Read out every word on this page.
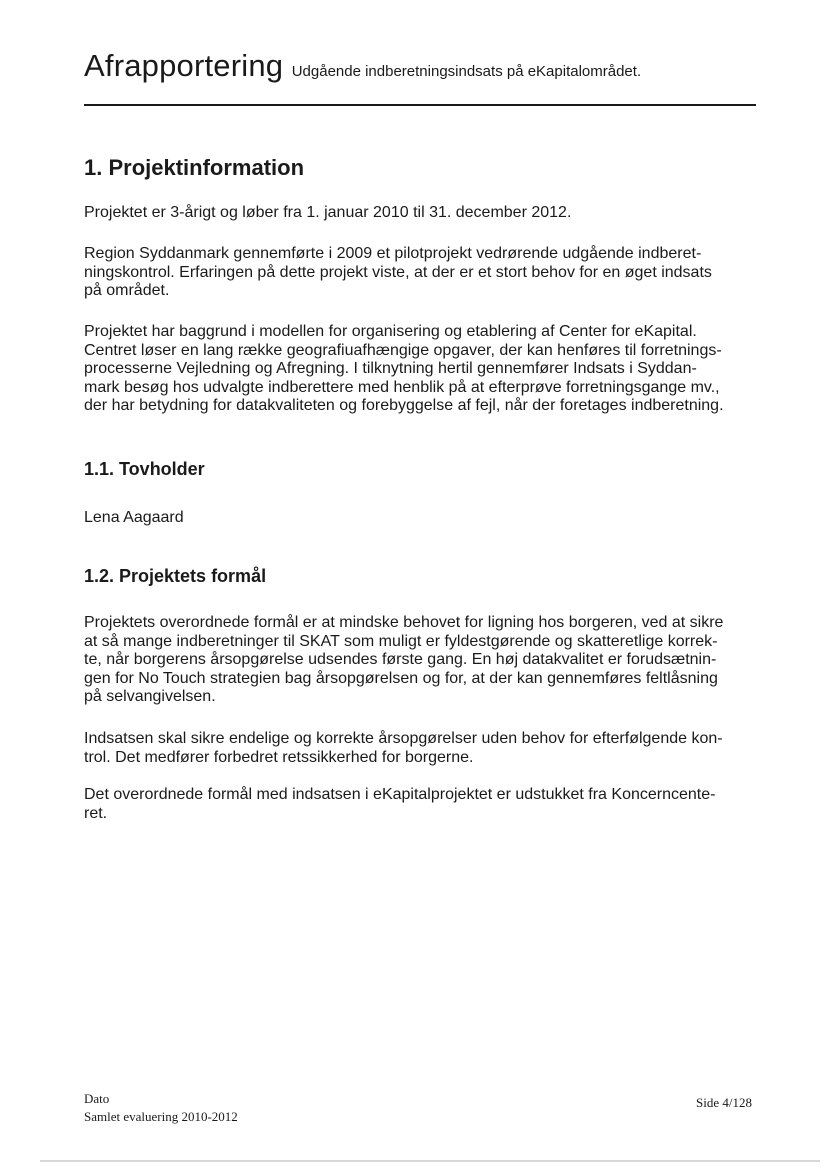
Afrapportering Udgående indberetningsindsats på eKapitalområdet.
1. Projektinformation

Projektet er 3-årigt og løber fra 1. januar 2010 til 31. december 2012.

Region Syddanmark gennemførte i 2009 et pilotprojekt vedrørende udgående indberet-
ningskontrol. Erfaringen på dette projekt viste, at der er et stort behov for en øget indsats
på området.

Projektet har baggrund i modellen for organisering og etablering af Center for eKapital.
Centret løser en lang række geografiuafhængige opgaver, der kan henføres til forretnings-
processerne Vejledning og Afregning. I tilknytning hertil gennemfører Indsats i Syddan-
mark besøg hos udvalgte indberettere med henblik på at efterprøve forretningsgange mv.,
der har betydning for datakvaliteten og forebyggelse af fejl, når der foretages indberetning.

1.1. Tovholder

Lena Aagaard

1.2. Projektets formål

Projektets overordnede formål er at mindske behovet for ligning hos borgeren, ved at sikre
at så mange indberetninger til SKAT som muligt er fyldestgørende og skatteretlige korrek-
te, når borgerens årsopgørelse udsendes første gang. En høj datakvalitet er forudsætnin-
gen for No Touch strategien bag årsopgørelsen og for, at der kan gennemføres feltlåsning
på selvangivelsen.

Indsatsen skal sikre endelige og korrekte årsopgørelser uden behov for efterfølgende kon-
trol. Det medfører forbedret retssikkerhed for borgerne.

Det overordnede formål med indsatsen i eKapitalprojektet er udstukket fra Koncerncente-
ret.

Dato
Samlet evaluering 2010-2012
Side 4/128
